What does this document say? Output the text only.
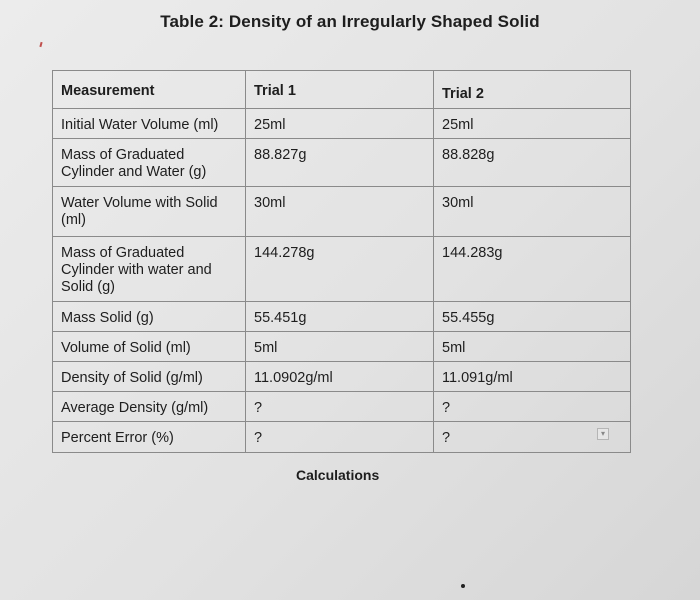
Table 2: Density of an Irregularly Shaped Solid
Measurement	Trial 1	Trial 2
Initial Water Volume (ml)	25ml	25ml
Mass of Graduated Cylinder and Water (g)	88.827g	88.828g
Water Volume with Solid (ml)	30ml	30ml
Mass of Graduated Cylinder with water and Solid (g)	144.278g	144.283g
Mass Solid (g)	55.451g	55.455g
Volume of Solid (ml)	5ml	5ml
Density of Solid (g/ml)	11.0902g/ml	11.091g/ml
Average Density (g/ml)	?	?
Percent Error (%)	?	?	▾
Calculations
